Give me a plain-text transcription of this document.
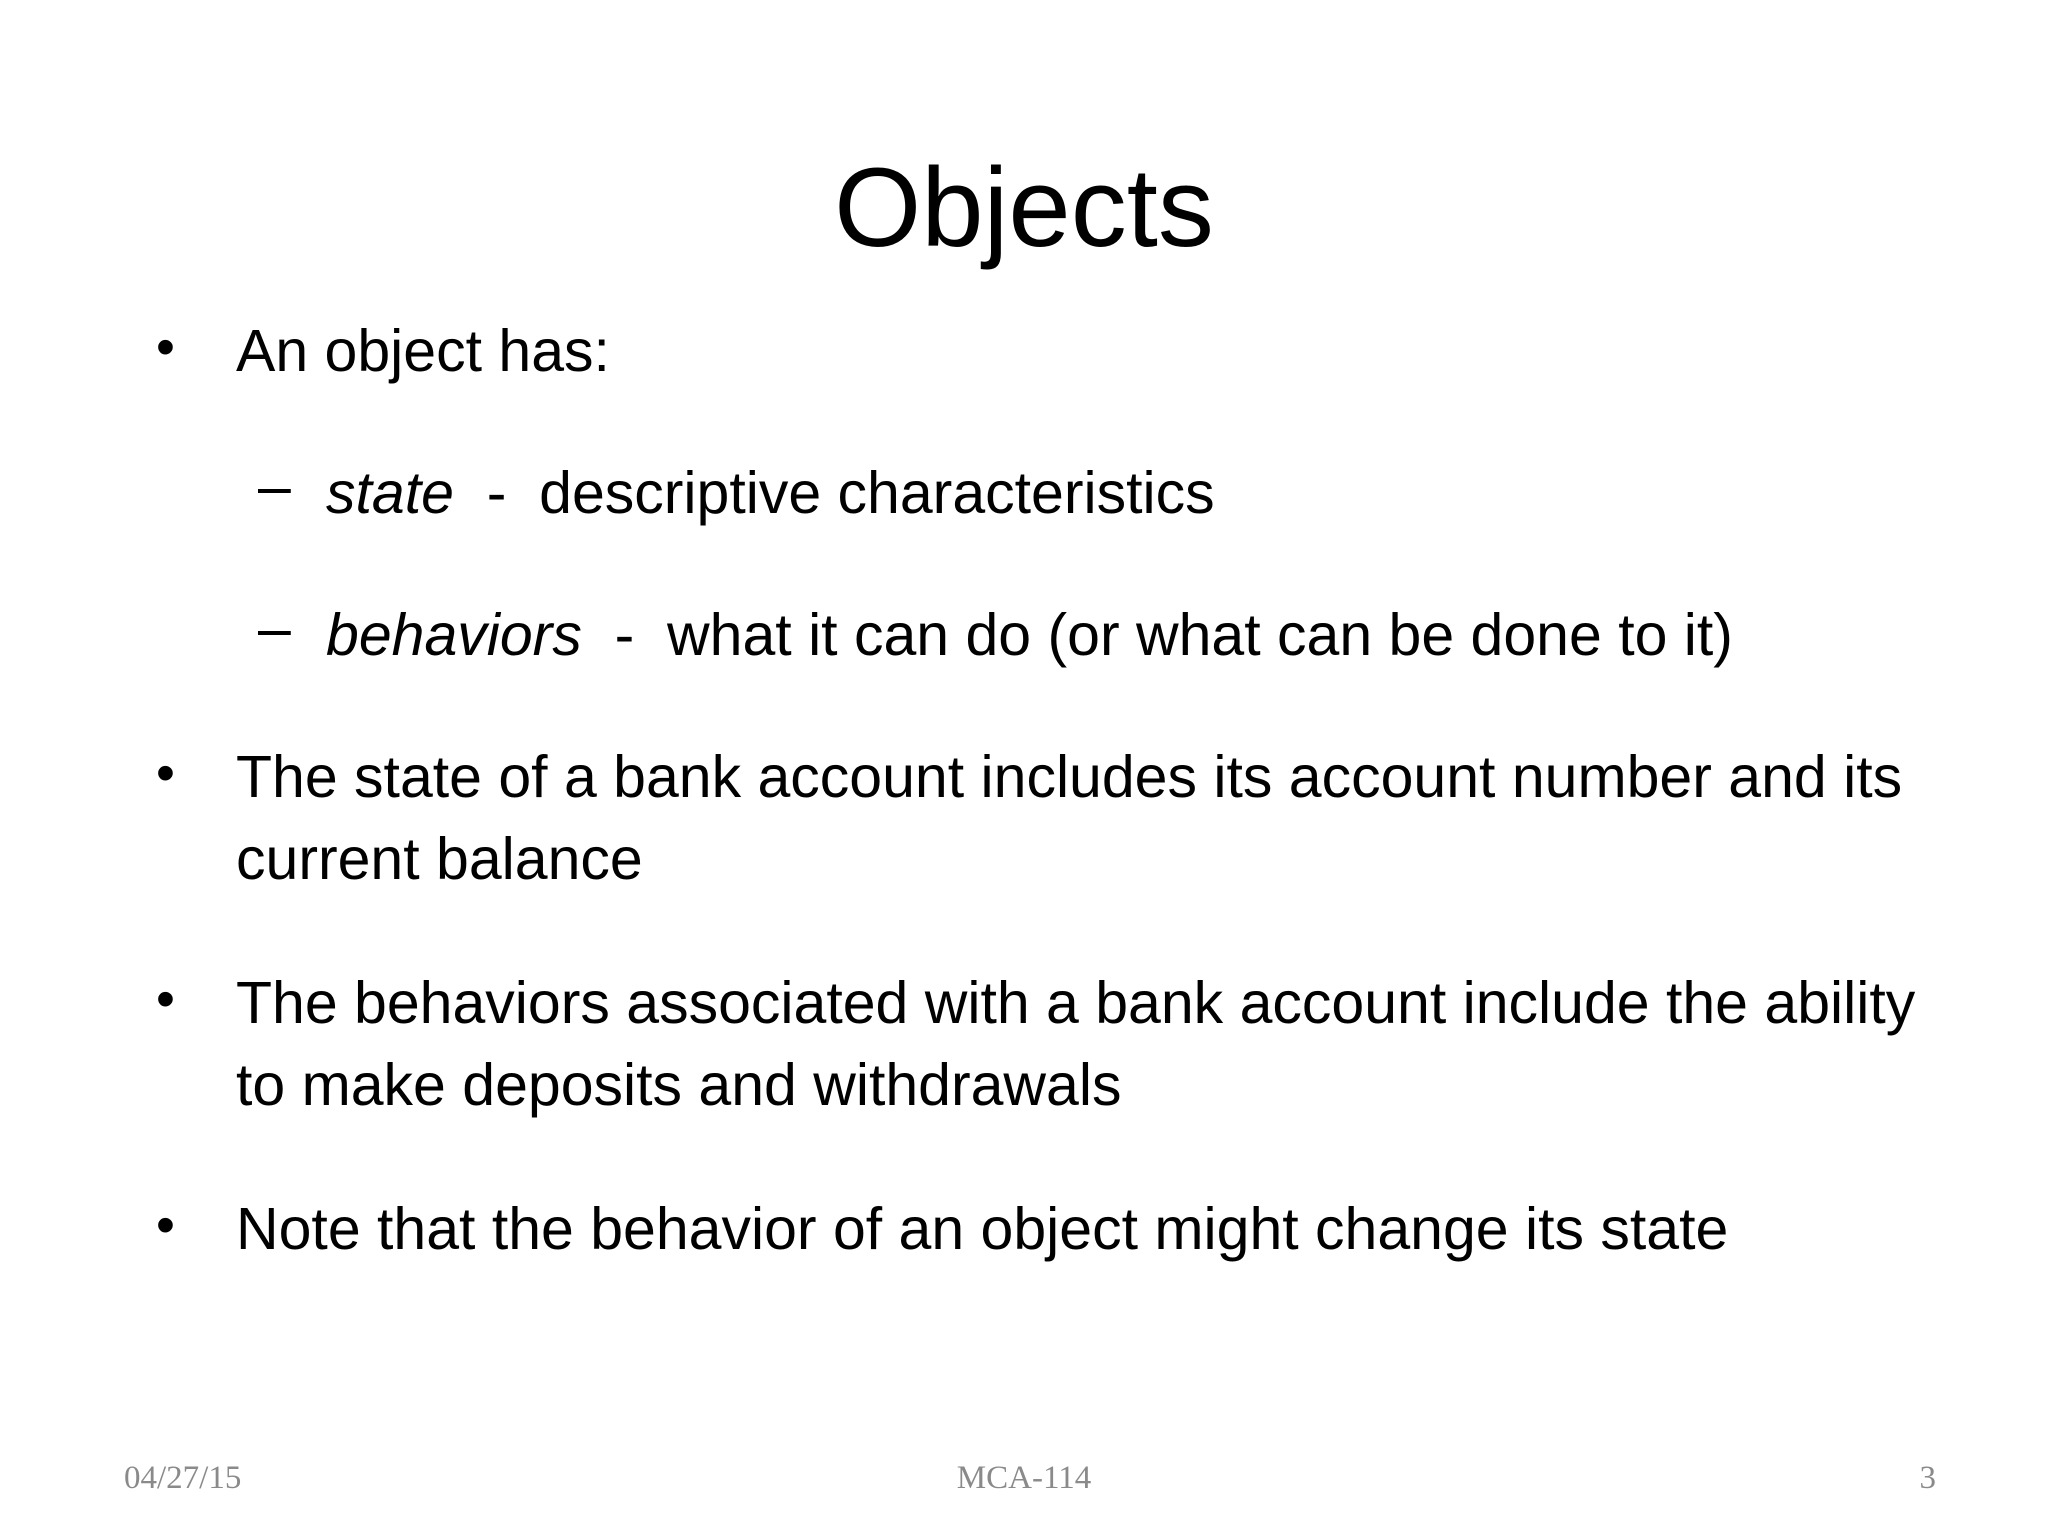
Objects
• An object has:
– state  -  descriptive characteristics
– behaviors  -  what it can do (or what can be done to it)
• The state of a bank account includes its account number and its current balance
• The behaviors associated with a bank account include the ability to make deposits and withdrawals
• Note that the behavior of an object might change its state
04/27/15	MCA-114	3
